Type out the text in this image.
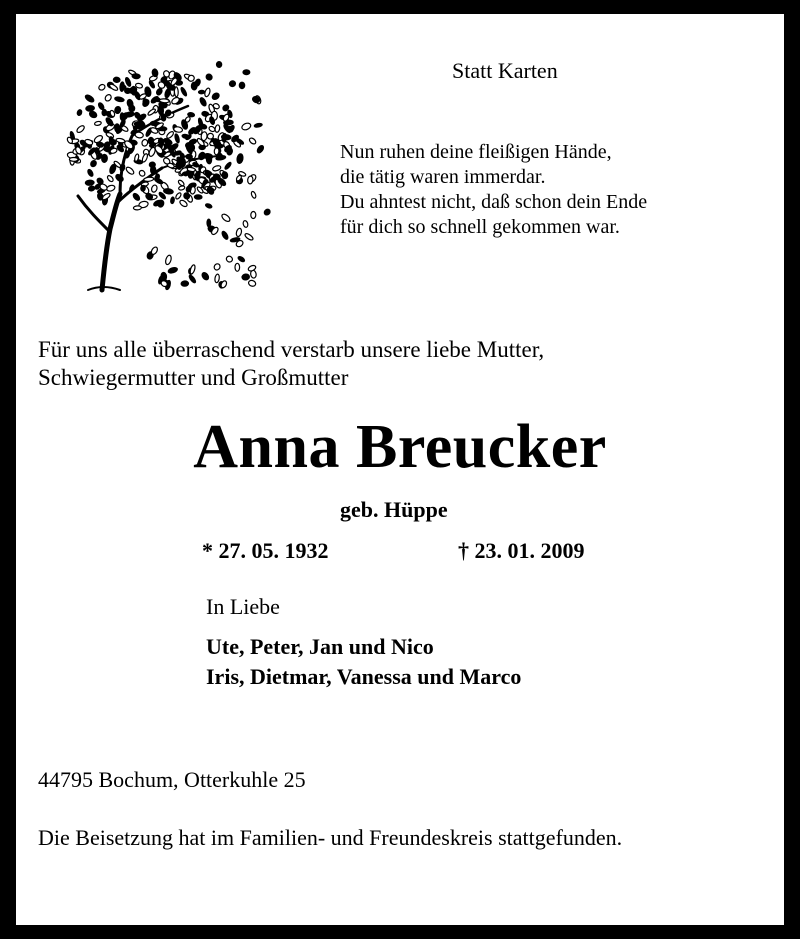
Statt Karten
Nun ruhen deine fleißigen Hände,
die tätig waren immerdar.
Du ahntest nicht, daß schon dein Ende
für dich so schnell gekommen war.
Für uns alle überraschend verstarb unsere liebe Mutter,
Schwiegermutter und Großmutter
Anna Breucker
geb. Hüppe
* 27. 05. 1932	† 23. 01. 2009
In Liebe
Ute, Peter, Jan und Nico
Iris, Dietmar, Vanessa und Marco
44795 Bochum, Otterkuhle 25
Die Beisetzung hat im Familien- und Freundeskreis stattgefunden.
